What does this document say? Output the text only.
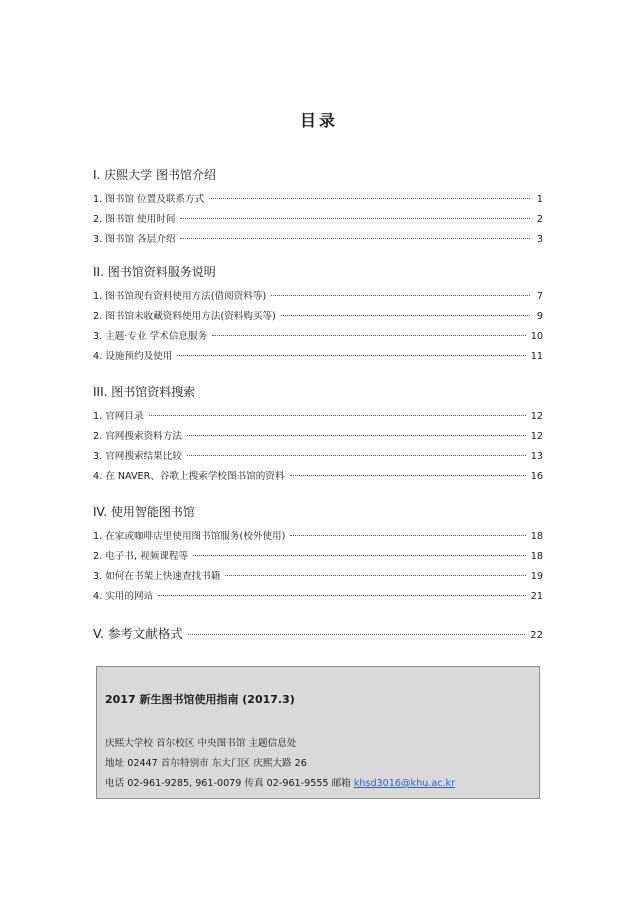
目录
I. 庆熙大学 图书馆介绍
1. 图书馆 位置及联系方式	1
2. 图书馆 使用时间	2
3. 图书馆 各层介绍	3
II. 图书馆资料服务说明
1. 图书馆现有资料使用方法(借阅资料等)	7
2. 图书馆未收藏资料使用方法(资料购买等)	9
3. 主题·专业 学术信息服务	10
4. 设施预约及使用	11
III. 图书馆资料搜索
1. 官网目录	12
2. 官网搜索资料方法	12
3. 官网搜索结果比较	13
4. 在 NAVER、谷歌上搜索学校图书馆的资料	16
IV. 使用智能图书馆
1. 在家或咖啡店里使用图书馆服务(校外使用)	18
2. 电子书, 视频课程等	18
3. 如何在书架上快速查找书籍	19
4. 实用的网站	21
V. 参考文献格式	22
2017 新生图书馆使用指南 (2017.3)
庆熙大学校 首尔校区 中央图书馆 主题信息处
地址 02447 首尔特别市 东大门区 庆熙大路 26
电话 02-961-9285, 961-0079 传真 02-961-9555 邮箱 khsd3016@khu.ac.kr
